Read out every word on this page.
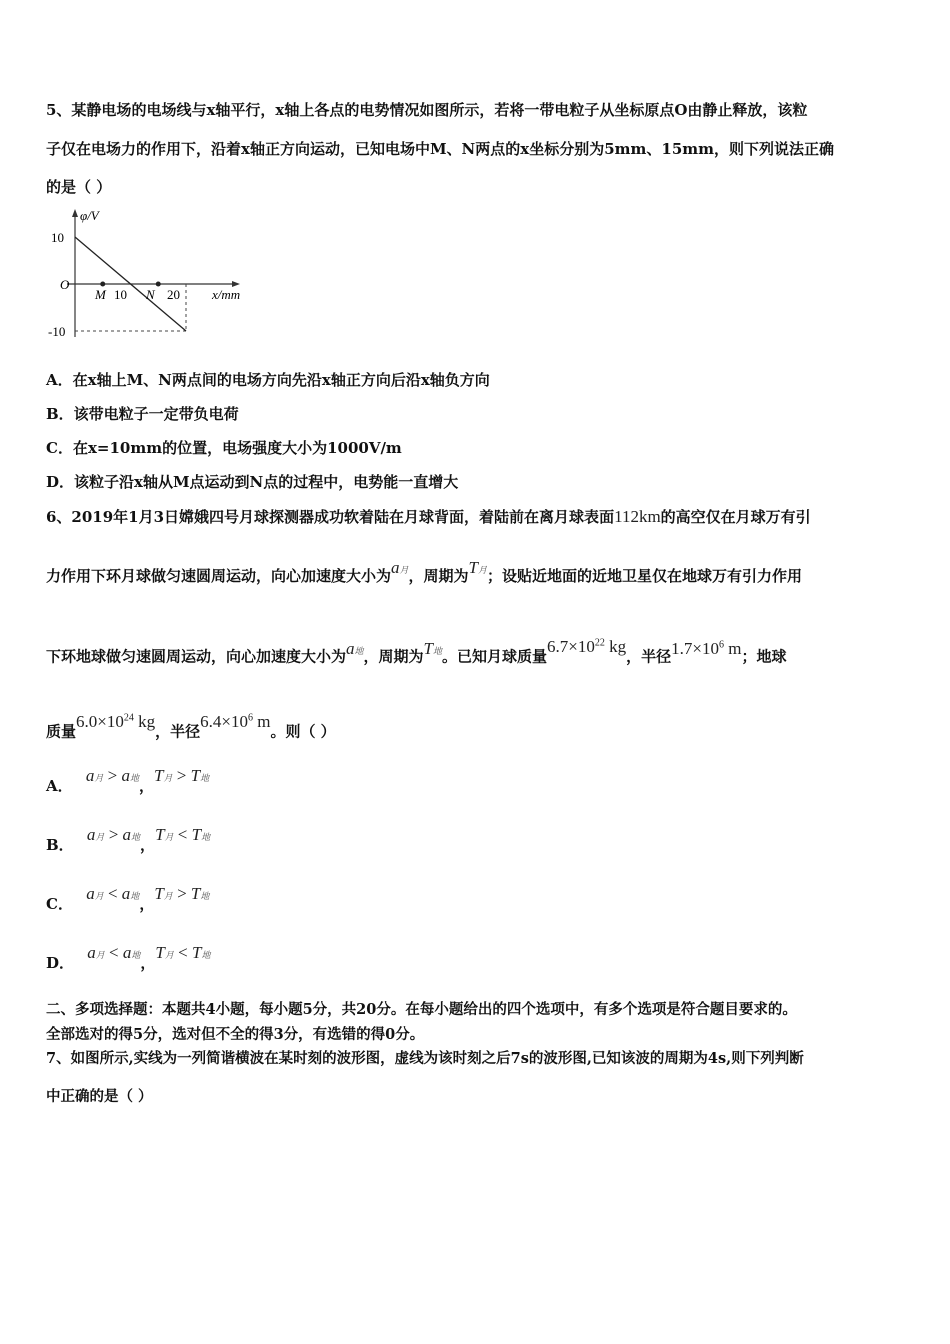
5、某静电场的电场线与x轴平行，x轴上各点的电势情况如图所示，若将一带电粒子从坐标原点O由静止释放，该粒
子仅在电场力的作用下，沿着x轴正方向运动，已知电场中M、N两点的x坐标分别为5mm、15mm，则下列说法正确
的是（ ）
φ/V
10
O
-10
M 10 N 20 x/mm
A．在x轴上M、N两点间的电场方向先沿x轴正方向后沿x轴负方向
B．该带电粒子一定带负电荷
C．在x=10mm的位置，电场强度大小为1000V/m
D．该粒子沿x轴从M点运动到N点的过程中，电势能一直增大
6、2019年1月3日嫦娥四号月球探测器成功软着陆在月球背面，着陆前在离月球表面112km的高空仅在月球万有引
力作用下环月球做匀速圆周运动，向心加速度大小为a月，周期为T月；设贴近地面的近地卫星仅在地球万有引力作用
下环地球做匀速圆周运动，向心加速度大小为a地，周期为T地。已知月球质量$6.7\times 10^{22}$ kg，半径$1.7\times 10^6$ m；地球
质量$6.0\times 10^{24}$ kg，半径$6.4\times 10^6$ m。则（ ）
A． a月 > a地，T月 > T地
B． a月 > a地，T月 < T地
C． a月 < a地，T月 > T地
D． a月 < a地，T月 < T地
二、多项选择题：本题共4小题，每小题5分，共20分。在每小题给出的四个选项中，有多个选项是符合题目要求的。
全部选对的得5分，选对但不全的得3分，有选错的得0分。
7、如图所示,实线为一列简谐横波在某时刻的波形图，虚线为该时刻之后7s的波形图,已知该波的周期为4s,则下列判断
中正确的是（ ）
